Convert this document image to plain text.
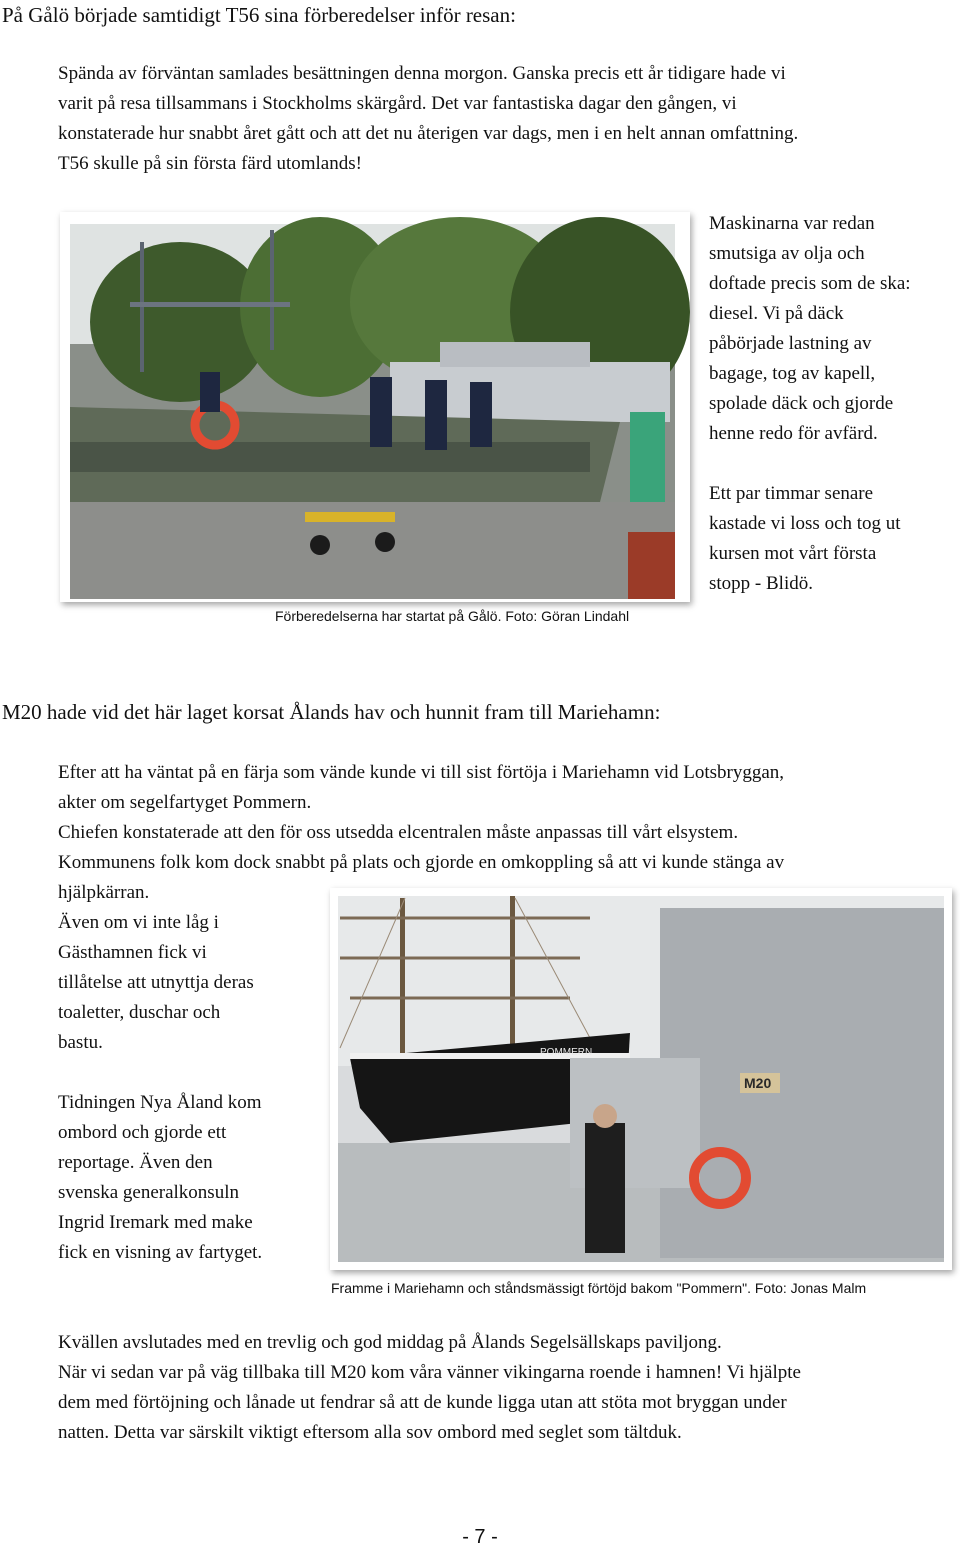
På Gålö började samtidigt T56 sina förberedelser inför resan:
Spända av förväntan samlades besättningen denna morgon. Ganska precis ett år tidigare hade vi
varit på resa tillsammans i Stockholms skärgård. Det var fantastiska dagar den gången, vi
konstaterade hur snabbt året gått och att det nu återigen var dags, men i en helt annan omfattning.
T56 skulle på sin första färd utomlands!
Förberedelserna har startat på Gålö. Foto: Göran Lindahl
Maskinarna var redan
smutsiga av olja och
doftade precis som de ska:
diesel. Vi på däck
påbörjade lastning av
bagage, tog av kapell,
spolade däck och gjorde
henne redo för avfärd.
Ett par timmar senare
kastade vi loss och tog ut
kursen mot vårt första
stopp - Blidö.
M20 hade vid det här laget korsat Ålands hav och hunnit fram till Mariehamn:
Efter att ha väntat på en färja som vände kunde vi till sist förtöja i Mariehamn vid Lotsbryggan,
akter om segelfartyget Pommern.
Chiefen konstaterade att den för oss utsedda elcentralen måste anpassas till vårt elsystem.
Kommunens folk kom dock snabbt på plats och gjorde en omkoppling så att vi kunde stänga av
hjälpkärran.
Även om vi inte låg i
Gästhamnen fick vi
tillåtelse att utnyttja deras
toaletter, duschar och
bastu.
Tidningen Nya Åland kom
ombord och gjorde ett
reportage. Även den
svenska generalkonsuln
Ingrid Iremark med make
fick en visning av fartyget.
POMMERN
M20
Framme i Mariehamn och ståndsmässigt förtöjd bakom "Pommern". Foto: Jonas Malm
Kvällen avslutades med en trevlig och god middag på Ålands Segelsällskaps paviljong.
När vi sedan var på väg tillbaka till M20 kom våra vänner vikingarna roende i hamnen! Vi hjälpte
dem med förtöjning och lånade ut fendrar så att de kunde ligga utan att stöta mot bryggan under
natten. Detta var särskilt viktigt eftersom alla sov ombord med seglet som tältduk.
- 7 -
